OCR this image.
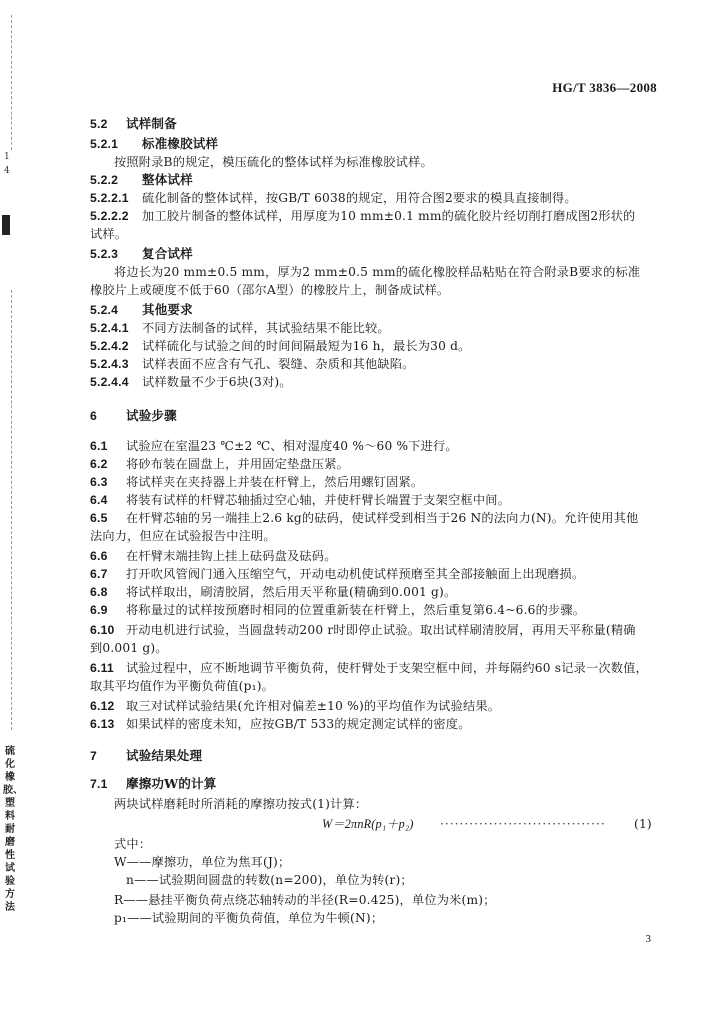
HG/T 3836—2008
1
4
硫化橡胶、塑料耐磨性试验方法
5.2 试样制备
5.2.1 标准橡胶试样
按照附录B的规定，模压硫化的整体试样为标准橡胶试样。
5.2.2 整体试样
5.2.2.1 硫化制备的整体试样，按GB/T 6038的规定，用符合图2要求的模具直接制得。
5.2.2.2 加工胶片制备的整体试样，用厚度为10 mm±0.1 mm的硫化胶片经切削打磨成图2形状的
试样。
5.2.3 复合试样
将边长为20 mm±0.5 mm，厚为2 mm±0.5 mm的硫化橡胶样品粘贴在符合附录B要求的标准
橡胶片上或硬度不低于60（邵尔A型）的橡胶片上，制备成试样。
5.2.4 其他要求
5.2.4.1 不同方法制备的试样，其试验结果不能比较。
5.2.4.2 试样硫化与试验之间的时间间隔最短为16 h，最长为30 d。
5.2.4.3 试样表面不应含有气孔、裂缝、杂质和其他缺陷。
5.2.4.4 试样数量不少于6块(3对)。
6 试验步骤
6.1 试验应在室温23 ℃±2 ℃、相对湿度40 %～60 %下进行。
6.2 将砂布装在圆盘上，并用固定垫盘压紧。
6.3 将试样夹在夹持器上并装在杆臂上，然后用螺钉固紧。
6.4 将装有试样的杆臂芯轴插过空心轴，并使杆臂长端置于支架空框中间。
6.5 在杆臂芯轴的另一端挂上2.6 kg的砝码，使试样受到相当于26 N的法向力(N)。允许使用其他
法向力，但应在试验报告中注明。
6.6 在杆臂末端挂钩上挂上砝码盘及砝码。
6.7 打开吹风管阀门通入压缩空气，开动电动机使试样预磨至其全部接触面上出现磨损。
6.8 将试样取出，刷清胶屑，然后用天平称量(精确到0.001 g)。
6.9 将称量过的试样按预磨时相同的位置重新装在杆臂上，然后重复第6.4~6.6的步骤。
6.10 开动电机进行试验，当圆盘转动200 r时即停止试验。取出试样刷清胶屑，再用天平称量(精确
到0.001 g)。
6.11 试验过程中，应不断地调节平衡负荷，使杆臂处于支架空框中间，并每隔约60 s记录一次数值，
取其平均值作为平衡负荷值(p₁)。
6.12 取三对试样试验结果(允许相对偏差±10 %)的平均值作为试验结果。
6.13 如果试样的密度未知，应按GB/T 533的规定测定试样的密度。
7 试验结果处理
7.1 摩擦功W的计算
两块试样磨耗时所消耗的摩擦功按式(1)计算：
W＝2πnR(p₁＋p₂) ·································· (1)
式中：
W——摩擦功，单位为焦耳(J)；
n——试验期间圆盘的转数(n=200)，单位为转(r)；
R——悬挂平衡负荷点绕芯轴转动的半径(R=0.425)，单位为米(m)；
p₁——试验期间的平衡负荷值，单位为牛顿(N)；
3
